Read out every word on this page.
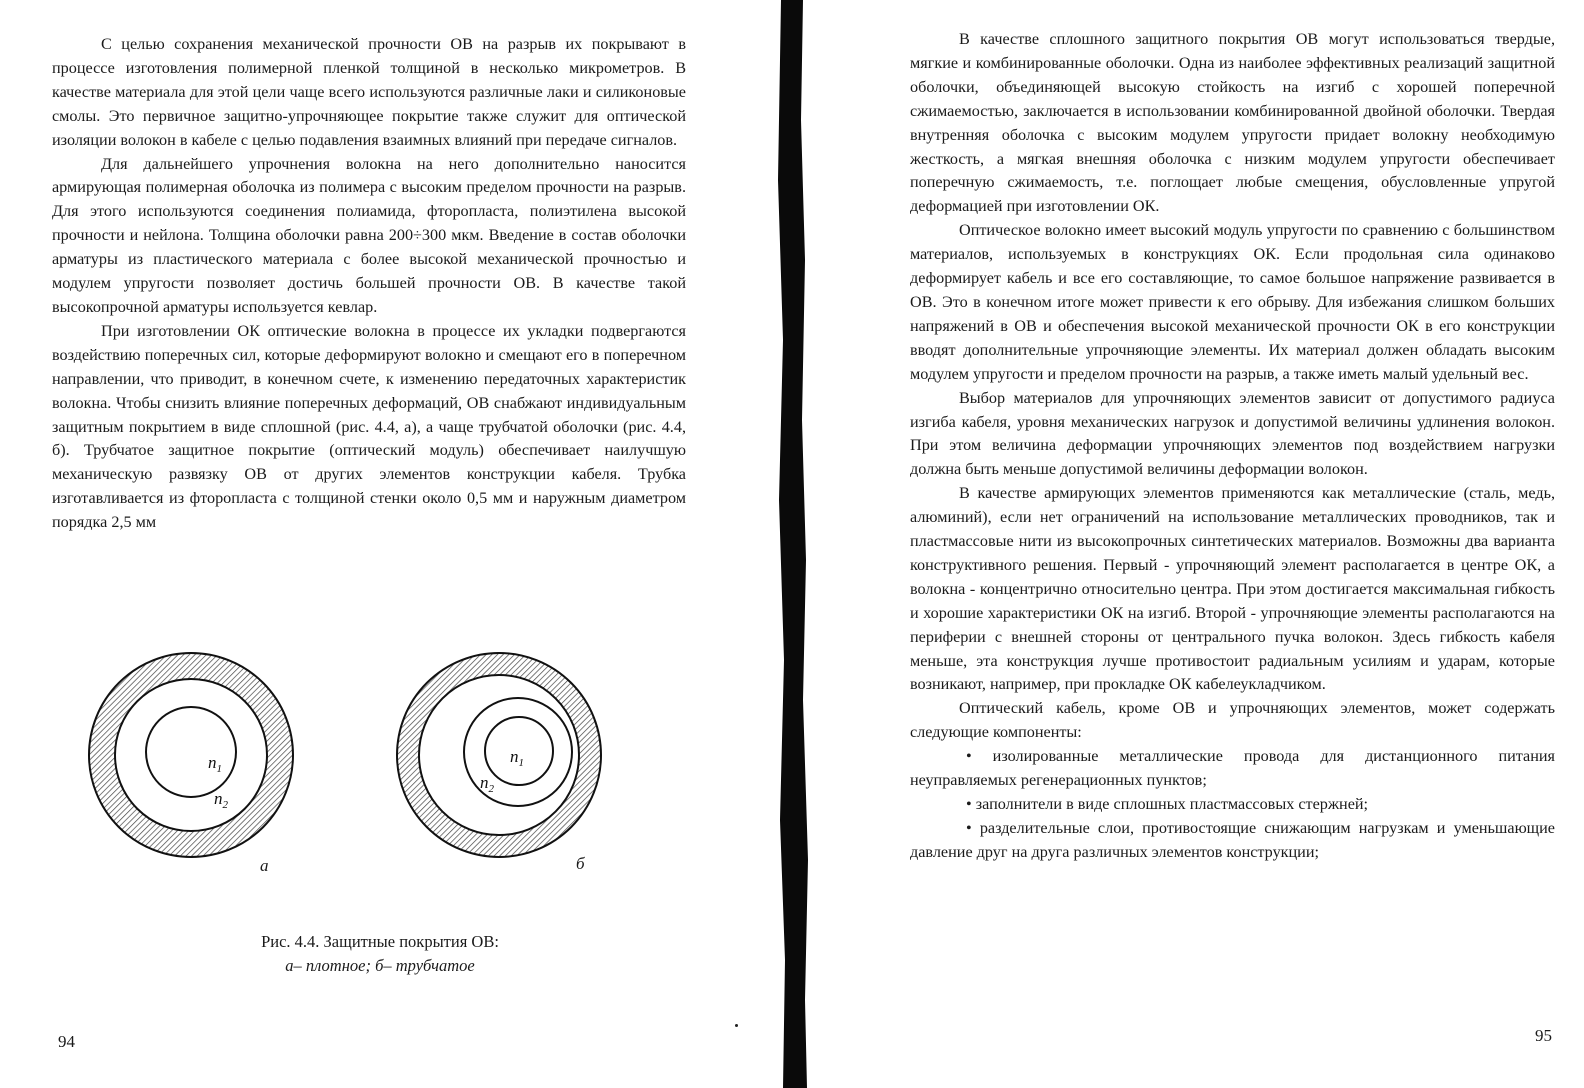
С целью сохранения механической прочности ОВ на разрыв их покрывают в процессе изготовления полимерной пленкой толщиной в несколько микрометров. В качестве материала для этой цели чаще всего используются различные лаки и силиконовые смолы. Это первичное защитно-упрочняющее покрытие также служит для оптической изоляции волокон в кабеле с целью подавления взаимных влияний при передаче сигналов.

Для дальнейшего упрочнения волокна на него дополнительно наносится армирующая полимерная оболочка из полимера с высоким пределом прочности на разрыв. Для этого используются соединения полиамида, фторопласта, полиэтилена высокой прочности и нейлона. Толщина оболочки равна 200÷300 мкм. Введение в состав оболочки арматуры из пластического материала с более высокой механической прочностью и модулем упругости позволяет достичь большей прочности ОВ. В качестве такой высокопрочной арматуры используется кевлар.

При изготовлении ОК оптические волокна в процессе их укладки подвергаются воздействию поперечных сил, которые деформируют волокно и смещают его в поперечном направлении, что приводит, в конечном счете, к изменению передаточных характеристик волокна. Чтобы снизить влияние поперечных деформаций, ОВ снабжают индивидуальным защитным покрытием в виде сплошной (рис. 4.4, а), а чаще трубчатой оболочки (рис. 4.4, б). Трубчатое защитное покрытие (оптический модуль) обеспечивает наилучшую механическую развязку ОВ от других элементов конструкции кабеля. Трубка изготавливается из фторопласта с толщиной стенки около 0,5 мм и наружным диаметром порядка 2,5 мм

$n_1$
$n_2$
а
$n_1$
$n_2$
б
Рис. 4.4. Защитные покрытия ОВ:
а– плотное; б– трубчатое
94

В качестве сплошного защитного покрытия ОВ могут использоваться твердые, мягкие и комбинированные оболочки. Одна из наиболее эффективных реализаций защитной оболочки, объединяющей высокую стойкость на изгиб с хорошей поперечной сжимаемостью, заключается в использовании комбинированной двойной оболочки. Твердая внутренняя оболочка с высоким модулем упругости придает волокну необходимую жесткость, а мягкая внешняя оболочка с низким модулем упругости обеспечивает поперечную сжимаемость, т.е. поглощает любые смещения, обусловленные упругой деформацией при изготовлении ОК.

Оптическое волокно имеет высокий модуль упругости по сравнению с большинством материалов, используемых в конструкциях ОК. Если продольная сила одинаково деформирует кабель и все его составляющие, то самое большое напряжение развивается в ОВ. Это в конечном итоге может привести к его обрыву. Для избежания слишком больших напряжений в ОВ и обеспечения высокой механической прочности ОК в его конструкции вводят дополнительные упрочняющие элементы. Их материал должен обладать высоким модулем упругости и пределом прочности на разрыв, а также иметь малый удельный вес.

Выбор материалов для упрочняющих элементов зависит от допустимого радиуса изгиба кабеля, уровня механических нагрузок и допустимой величины удлинения волокон. При этом величина деформации упрочняющих элементов под воздействием нагрузки должна быть меньше допустимой величины деформации волокон.

В качестве армирующих элементов применяются как металлические (сталь, медь, алюминий), если нет ограничений на использование металлических проводников, так и пластмассовые нити из высокопрочных синтетических материалов. Возможны два варианта конструктивного решения. Первый - упрочняющий элемент располагается в центре ОК, а волокна - концентрично относительно центра. При этом достигается максимальная гибкость и хорошие характеристики ОК на изгиб. Второй - упрочняющие элементы располагаются на периферии с внешней стороны от центрального пучка волокон. Здесь гибкость кабеля меньше, эта конструкция лучше противостоит радиальным усилиям и ударам, которые возникают, например, при прокладке ОК кабелеукладчиком.

Оптический кабель, кроме ОВ и упрочняющих элементов, может содержать следующие компоненты:

• изолированные металлические провода для дистанционного питания неуправляемых регенерационных пунктов;

• заполнители в виде сплошных пластмассовых стержней;

• разделительные слои, противостоящие снижающим нагрузкам и уменьшающие давление друг на друга различных элементов конструкции;

95
